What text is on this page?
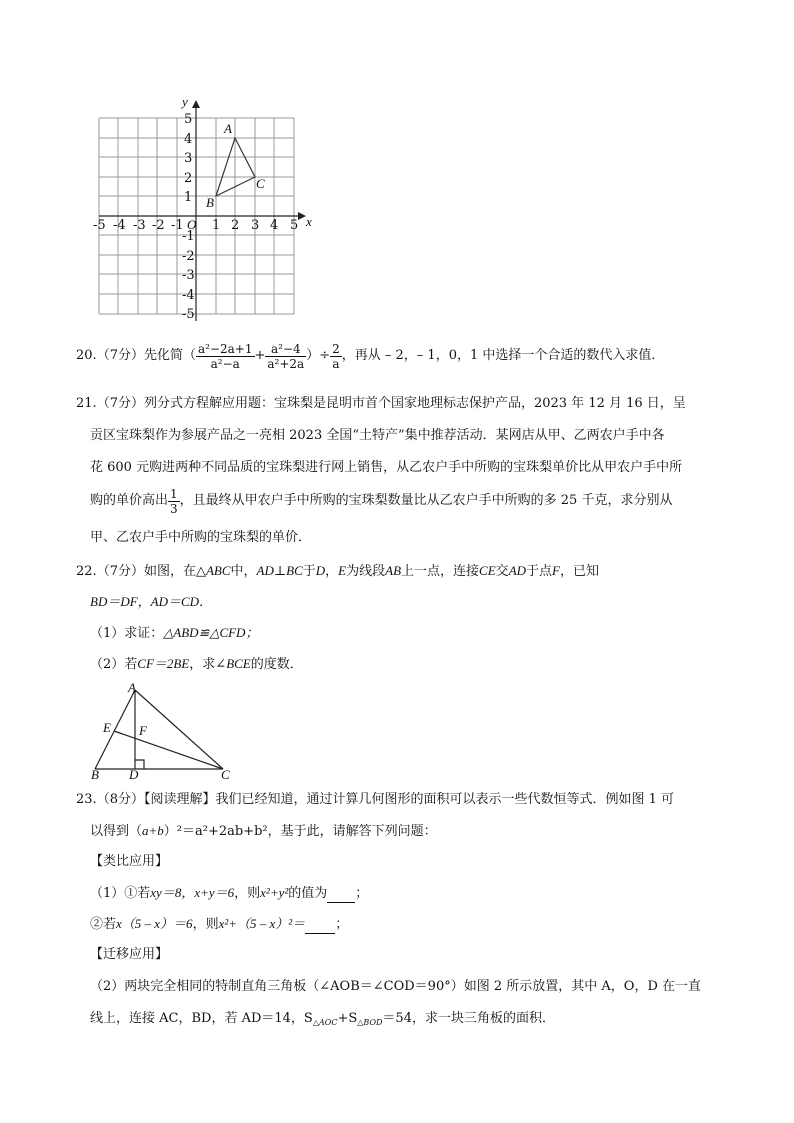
y
x
5
4
3
2
1
-1
-2
-3
-4
-5
-5 -4 -3 -2 -1 O 1 2 3 4 5
A
B
C
20. （7分） 先化简 （ $\frac{\text{a²−2a+1}}{\text{a²−a}} + \frac{\text{a²−4}}{\text{a²+2a}}$ ）÷ $\frac{2}{a}$ ，再从 – 2，– 1，0，1 中选择一个合适的数代入求值．
21.（7分）列分式方程解应用题：宝珠梨是昆明市首个国家地理标志保护产品，2023 年 12 月 16 日，呈
贡区宝珠梨作为参展产品之一亮相 2023 全国“土特产”集中推荐活动．某网店从甲、乙两农户手中各
花 600 元购进两种不同品质的宝珠梨进行网上销售，从乙农户手中所购的宝珠梨单价比从甲农户手中所
购的单价高出 $\frac{1}{3}$ ，且最终从甲农户手中所购的宝珠梨数量比从乙农户手中所购的多 25 千克，求分别从
甲、乙农户手中所购的宝珠梨的单价．
22.（7分）如图，在△ABC中，AD⊥BC于D，E为线段AB上一点，连接CE交AD于点F，已知
BD＝DF，AD＝CD．
（1）求证：△ABD≌△CFD；
（2）若CF＝2BE，求∠BCE的度数．
A
E F
B D	C
23.（8分）【阅读理解】我们已经知道，通过计算几何图形的面积可以表示一些代数恒等式．例如图 1 可
以得到（a+b）²＝a²+2ab+b²，基于此，请解答下列问题：
【类比应用】
（1）①若xy＝8，x+y＝6，则x²+y²的值为 ；
②若x（5 – x）＝6，则x²+（5 – x）²＝ ；
【迁移应用】
（2）两块完全相同的特制直角三角板（∠AOB＝∠COD＝90°）如图 2 所示放置，其中 A，O，D 在一直
线上，连接 AC，BD，若 AD＝14，$S_{\triangle AOC}+S_{\triangle BOD}=54$，求一块三角板的面积．
